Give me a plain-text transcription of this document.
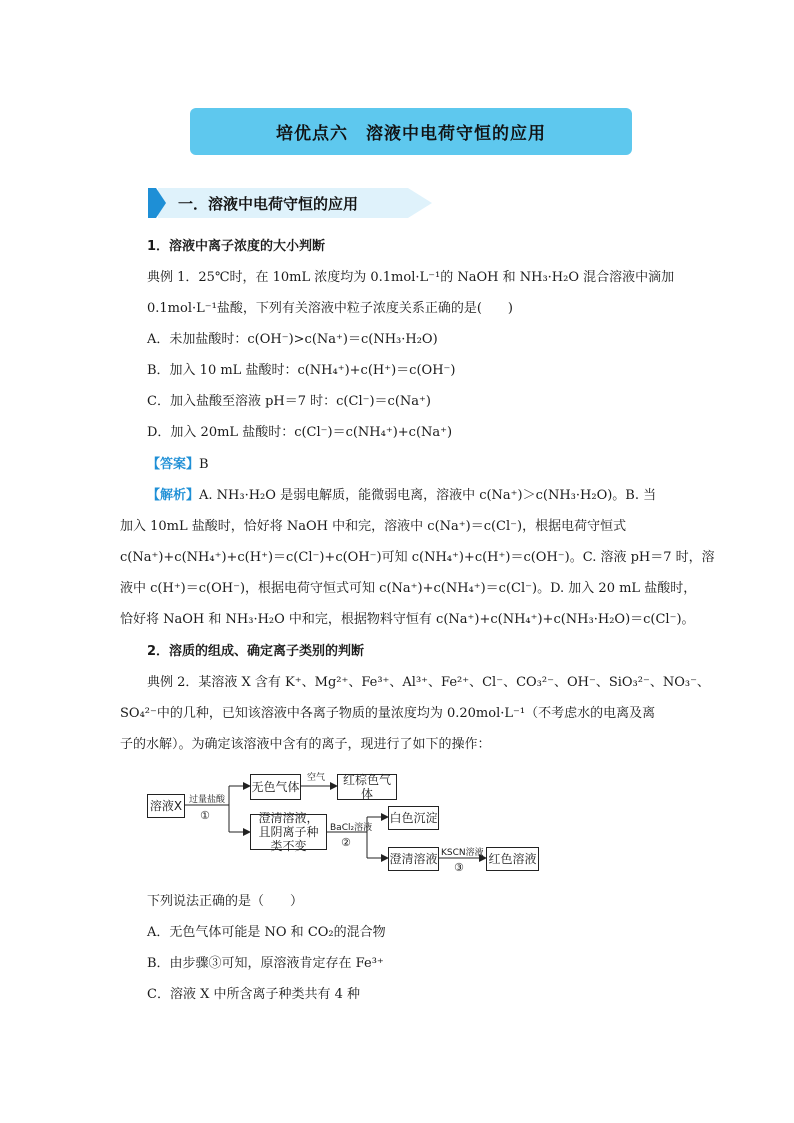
培优点六　溶液中电荷守恒的应用
一．溶液中电荷守恒的应用
1．溶液中离子浓度的大小判断
典例 1．25℃时，在 10mL 浓度均为 0.1mol·L⁻¹的 NaOH 和 NH₃·H₂O 混合溶液中滴加
0.1mol·L⁻¹盐酸，下列有关溶液中粒子浓度关系正确的是(　　)
A．未加盐酸时：c(OH⁻)>c(Na⁺)＝c(NH₃·H₂O)
B．加入 10 mL 盐酸时：c(NH₄⁺)+c(H⁺)＝c(OH⁻)
C．加入盐酸至溶液 pH＝7 时：c(Cl⁻)＝c(Na⁺)
D．加入 20mL 盐酸时：c(Cl⁻)＝c(NH₄⁺)+c(Na⁺)
【答案】B
【解析】A. NH₃·H₂O 是弱电解质，能微弱电离，溶液中 c(Na⁺)＞c(NH₃·H₂O)。B. 当
加入 10mL 盐酸时，恰好将 NaOH 中和完，溶液中 c(Na⁺)＝c(Cl⁻)，根据电荷守恒式
c(Na⁺)+c(NH₄⁺)+c(H⁺)＝c(Cl⁻)+c(OH⁻)可知 c(NH₄⁺)+c(H⁺)＝c(OH⁻)。C. 溶液 pH＝7 时，溶
液中 c(H⁺)＝c(OH⁻)，根据电荷守恒式可知 c(Na⁺)+c(NH₄⁺)＝c(Cl⁻)。D. 加入 20 mL 盐酸时，
恰好将 NaOH 和 NH₃·H₂O 中和完，根据物料守恒有 c(Na⁺)+c(NH₄⁺)+c(NH₃·H₂O)＝c(Cl⁻)。
2．溶质的组成、确定离子类别的判断
典例 2．某溶液 X 含有 K⁺、Mg²⁺、Fe³⁺、Al³⁺、Fe²⁺、Cl⁻、CO₃²⁻、OH⁻、SiO₃²⁻、NO₃⁻、
SO₄²⁻中的几种，已知该溶液中各离子物质的量浓度均为 0.20mol·L⁻¹（不考虑水的电离及离
子的水解）。为确定该溶液中含有的离子，现进行了如下的操作：
溶液X 过量盐酸
①
无色气体
空气	红棕色气体
澄清溶液，且阴离子种类不变
BaCl₂溶液
②
白色沉淀
澄清溶液 KSCN溶液
③
红色溶液
下列说法正确的是（　　）
A．无色气体可能是 NO 和 CO₂的混合物
B．由步骤③可知，原溶液肯定存在 Fe³⁺
C．溶液 X 中所含离子种类共有 4 种
